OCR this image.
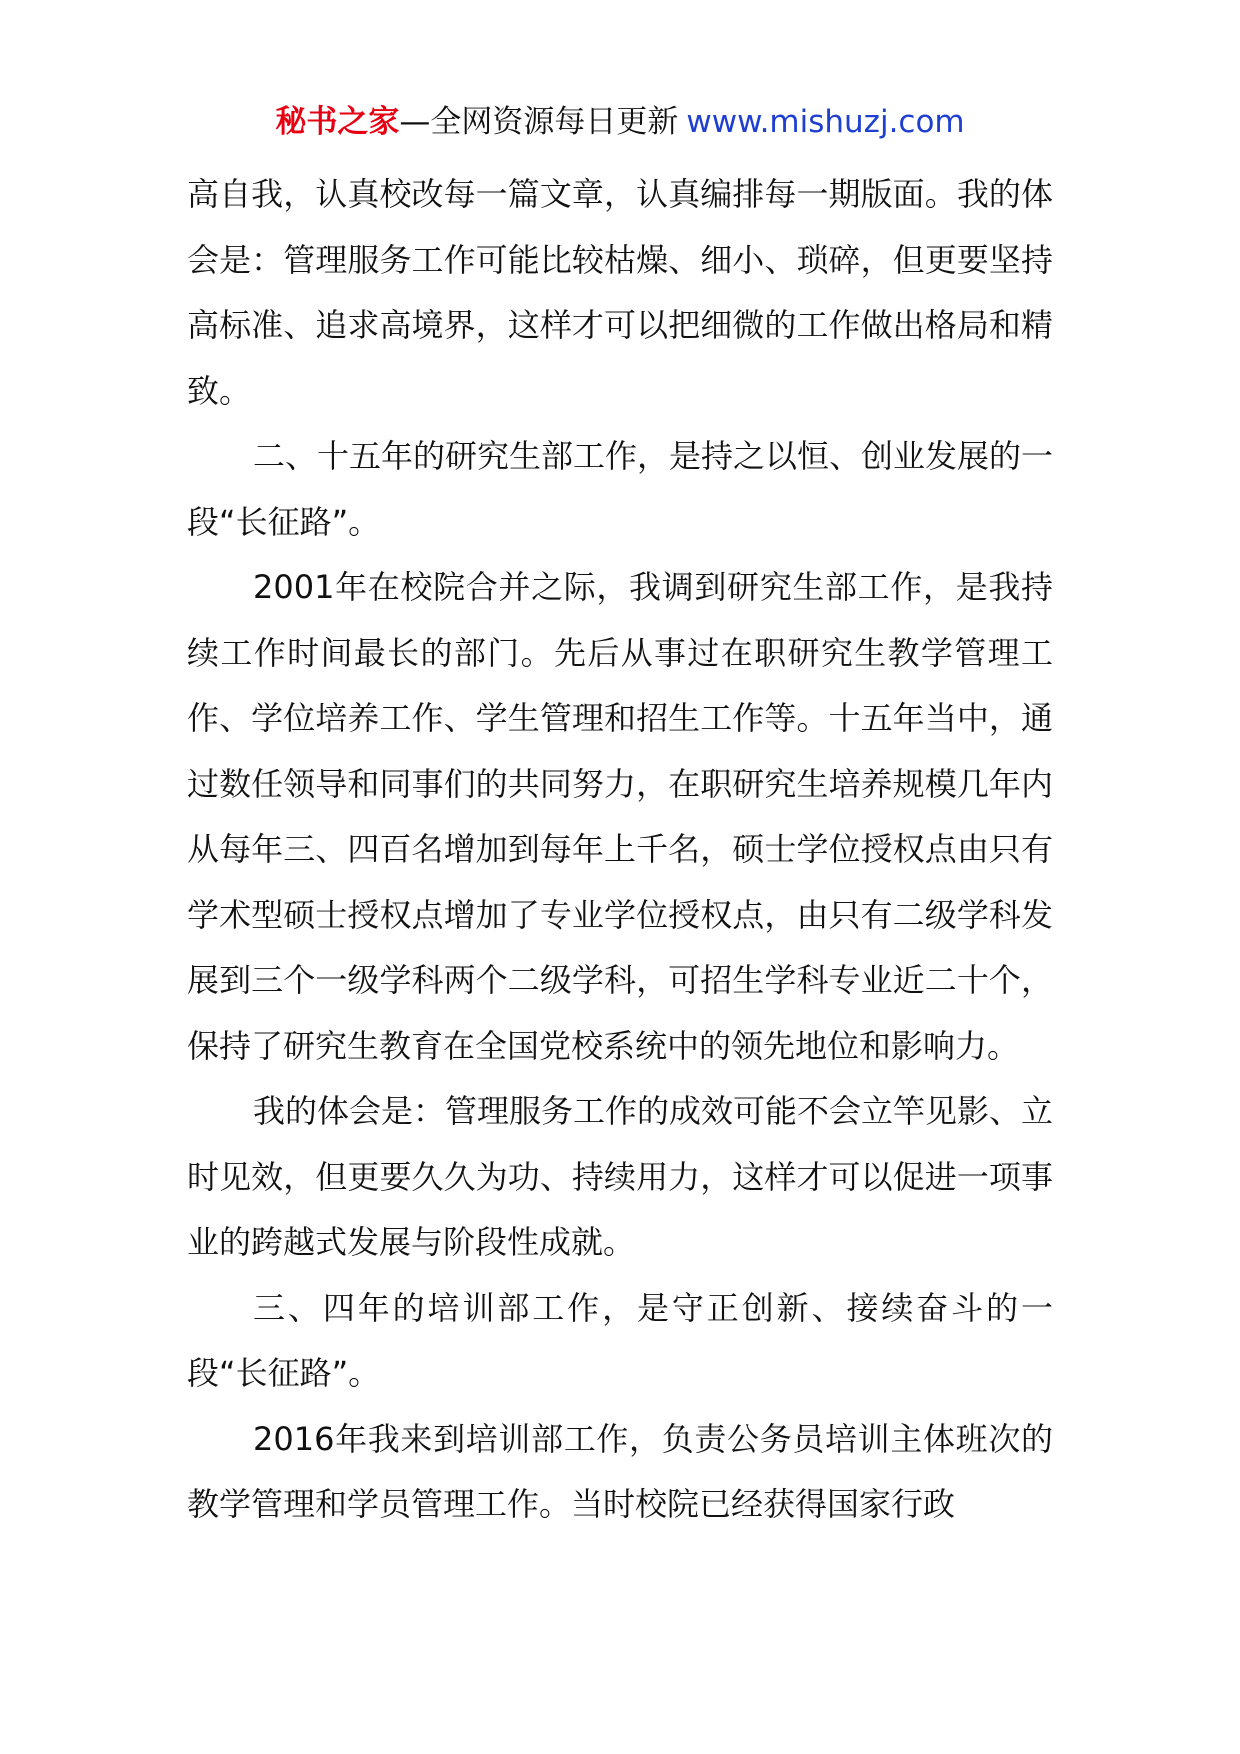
秘书之家—全网资源每日更新 www.mishuzj.com

高自我，认真校改每一篇文章，认真编排每一期版面。我的体会是：管理服务工作可能比较枯燥、细小、琐碎，但更要坚持高标准、追求高境界，这样才可以把细微的工作做出格局和精致。

二、十五年的研究生部工作，是持之以恒、创业发展的一段“长征路”。

2001年在校院合并之际，我调到研究生部工作，是我持续工作时间最长的部门。先后从事过在职研究生教学管理工作、学位培养工作、学生管理和招生工作等。十五年当中，通过数任领导和同事们的共同努力，在职研究生培养规模几年内从每年三、四百名增加到每年上千名，硕士学位授权点由只有学术型硕士授权点增加了专业学位授权点，由只有二级学科发展到三个一级学科两个二级学科，可招生学科专业近二十个，保持了研究生教育在全国党校系统中的领先地位和影响力。

我的体会是：管理服务工作的成效可能不会立竿见影、立时见效，但更要久久为功、持续用力，这样才可以促进一项事业的跨越式发展与阶段性成就。

三、四年的培训部工作，是守正创新、接续奋斗的一段“长征路”。

2016年我来到培训部工作，负责公务员培训主体班次的教学管理和学员管理工作。当时校院已经获得国家行政
